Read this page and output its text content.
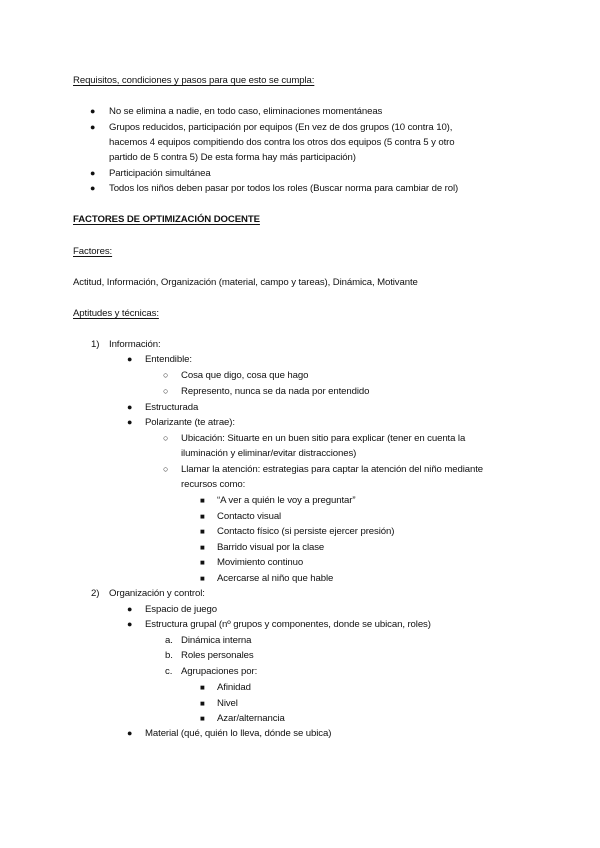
Requisitos, condiciones y pasos para que esto se cumpla:
● No se elimina a nadie, en todo caso, eliminaciones momentáneas
● Grupos reducidos, participación por equipos (En vez de dos grupos (10 contra 10),
hacemos 4 equipos compitiendo dos contra los otros dos equipos (5 contra 5 y otro
partido de 5 contra 5) De esta forma hay más participación)
● Participación simultánea
● Todos los niños deben pasar por todos los roles (Buscar norma para cambiar de rol)
FACTORES DE OPTIMIZACIÓN DOCENTE
Factores:
Actitud, Información, Organización (material, campo y tareas), Dinámica, Motivante
Aptitudes y técnicas:
1) Información:
● Entendible:
○ Cosa que digo, cosa que hago
○ Represento, nunca se da nada por entendido
● Estructurada
● Polarizante (te atrae):
○ Ubicación: Situarte en un buen sitio para explicar (tener en cuenta la
iluminación y eliminar/evitar distracciones)
○ Llamar la atención: estrategias para captar la atención del niño mediante
recursos como:
■ “A ver a quién le voy a preguntar”
■ Contacto visual
■ Contacto físico (si persiste ejercer presión)
■ Barrido visual por la clase
■ Movimiento continuo
■ Acercarse al niño que hable
2) Organización y control:
● Espacio de juego
● Estructura grupal (nº grupos y componentes, donde se ubican, roles)
a. Dinámica interna
b. Roles personales
c. Agrupaciones por:
■ Afinidad
■ Nivel
■ Azar/alternancia
● Material (qué, quién lo lleva, dónde se ubica)
